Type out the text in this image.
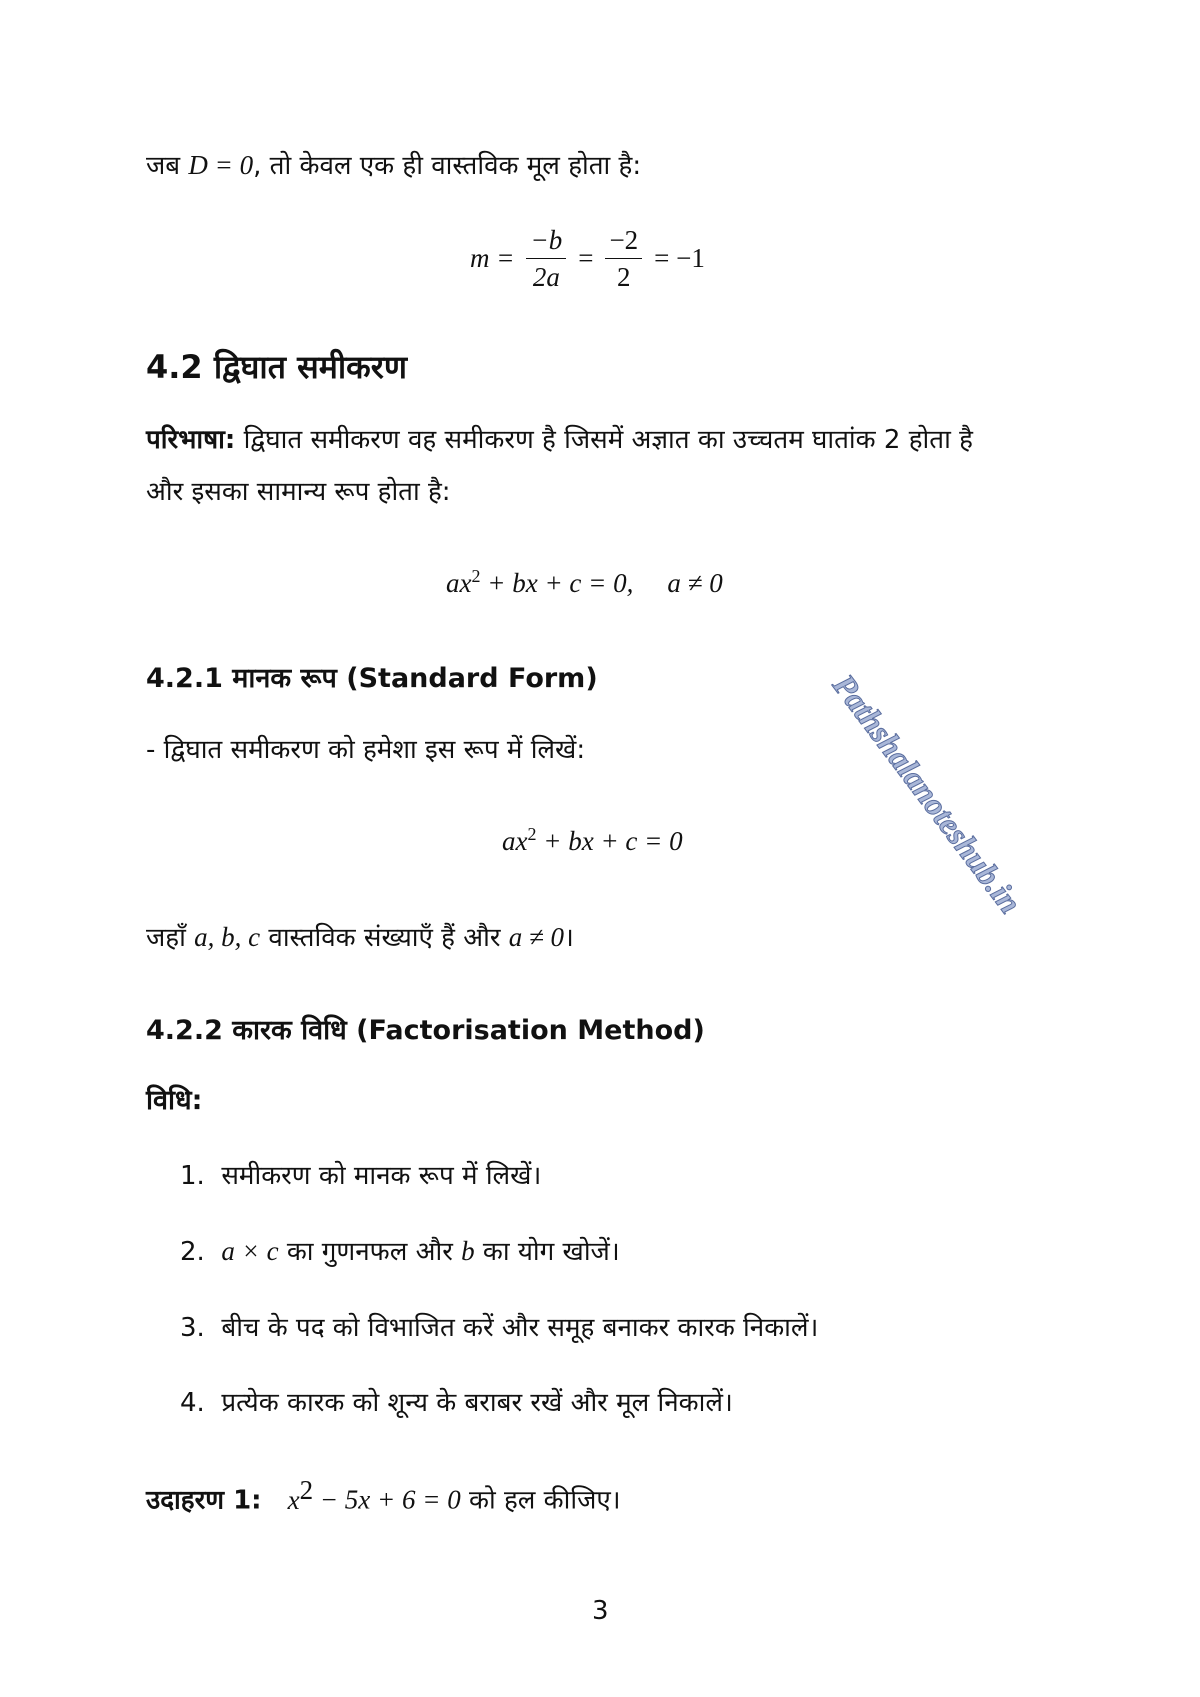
जब D = 0, तो केवल एक ही वास्तविक मूल होता है:
$m = \frac{-b}{2a} = \frac{-2}{2} = -1$
4.2 द्विघात समीकरण
परिभाषा: द्विघात समीकरण वह समीकरण है जिसमें अज्ञात का उच्चतम घातांक 2 होता है
और इसका सामान्य रूप होता है:
$ax^2$ + bx + c = 0, a ≠ 0
4.2.1 मानक रूप (Standard Form)
- द्विघात समीकरण को हमेशा इस रूप में लिखें:
$ax^2$ + bx + c = 0
जहाँ a, b, c वास्तविक संख्याएँ हैं और a ≠ 0।
Pathshalanoteshub.in
4.2.2 कारक विधि (Factorisation Method)
विधि:
1. समीकरण को मानक रूप में लिखें।
2. a × c का गुणनफल और b का योग खोजें।
3. बीच के पद को विभाजित करें और समूह बनाकर कारक निकालें।
4. प्रत्येक कारक को शून्य के बराबर रखें और मूल निकालें।
उदाहरण 1: $x^2 - 5x + 6 = 0$ को हल कीजिए।
3
